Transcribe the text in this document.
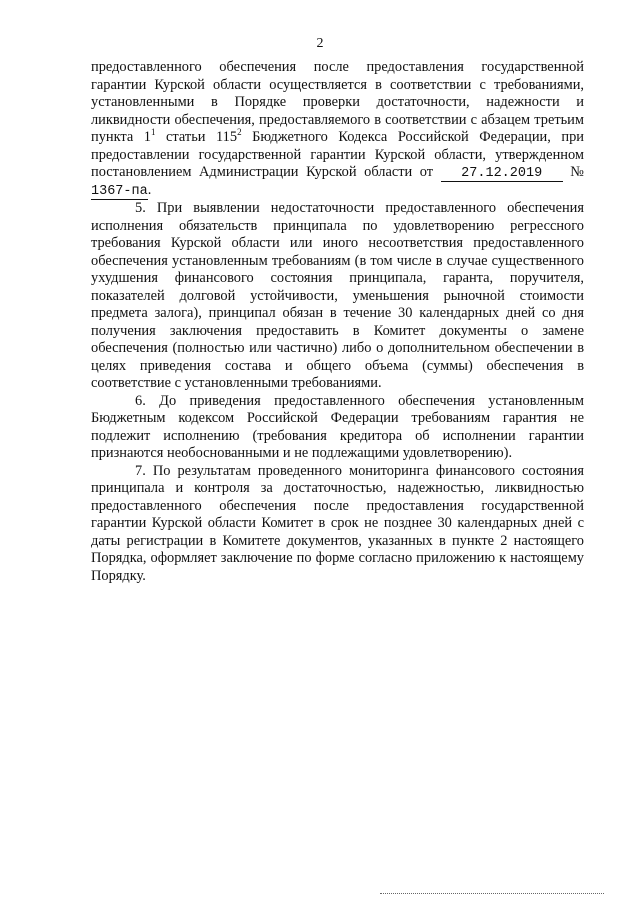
2

предоставленного обеспечения после предоставления государственной гарантии Курской области осуществляется в соответствии с требованиями, установленными в Порядке проверки достаточности, надежности и ликвидности обеспечения, предоставляемого в соответствии с абзацем третьим пункта $1^1$ статьи $115^2$ Бюджетного Кодекса Российской Федерации, при предоставлении государственной гарантии Курской области, утвержденном постановлением Администрации Курской области от 27.12.2019 № 1367-па.

5. При выявлении недостаточности предоставленного обеспечения исполнения обязательств принципала по удовлетворению регрессного требования Курской области или иного несоответствия предоставленного обеспечения установленным требованиям (в том числе в случае существенного ухудшения финансового состояния принципала, гаранта, поручителя, показателей долговой устойчивости, уменьшения рыночной стоимости предмета залога), принципал обязан в течение 30 календарных дней со дня получения заключения предоставить в Комитет документы о замене обеспечения (полностью или частично) либо о дополнительном обеспечении в целях приведения состава и общего объема (суммы) обеспечения в соответствие с установленными требованиями.

6. До приведения предоставленного обеспечения установленным Бюджетным кодексом Российской Федерации требованиям гарантия не подлежит исполнению (требования кредитора об исполнении гарантии признаются необоснованными и не подлежащими удовлетворению).

7. По результатам проведенного мониторинга финансового состояния принципала и контроля за достаточностью, надежностью, ликвидностью предоставленного обеспечения после предоставления государственной гарантии Курской области Комитет в срок не позднее 30 календарных дней с даты регистрации в Комитете документов, указанных в пункте 2 настоящего Порядка, оформляет заключение по форме согласно приложению к настоящему Порядку.
